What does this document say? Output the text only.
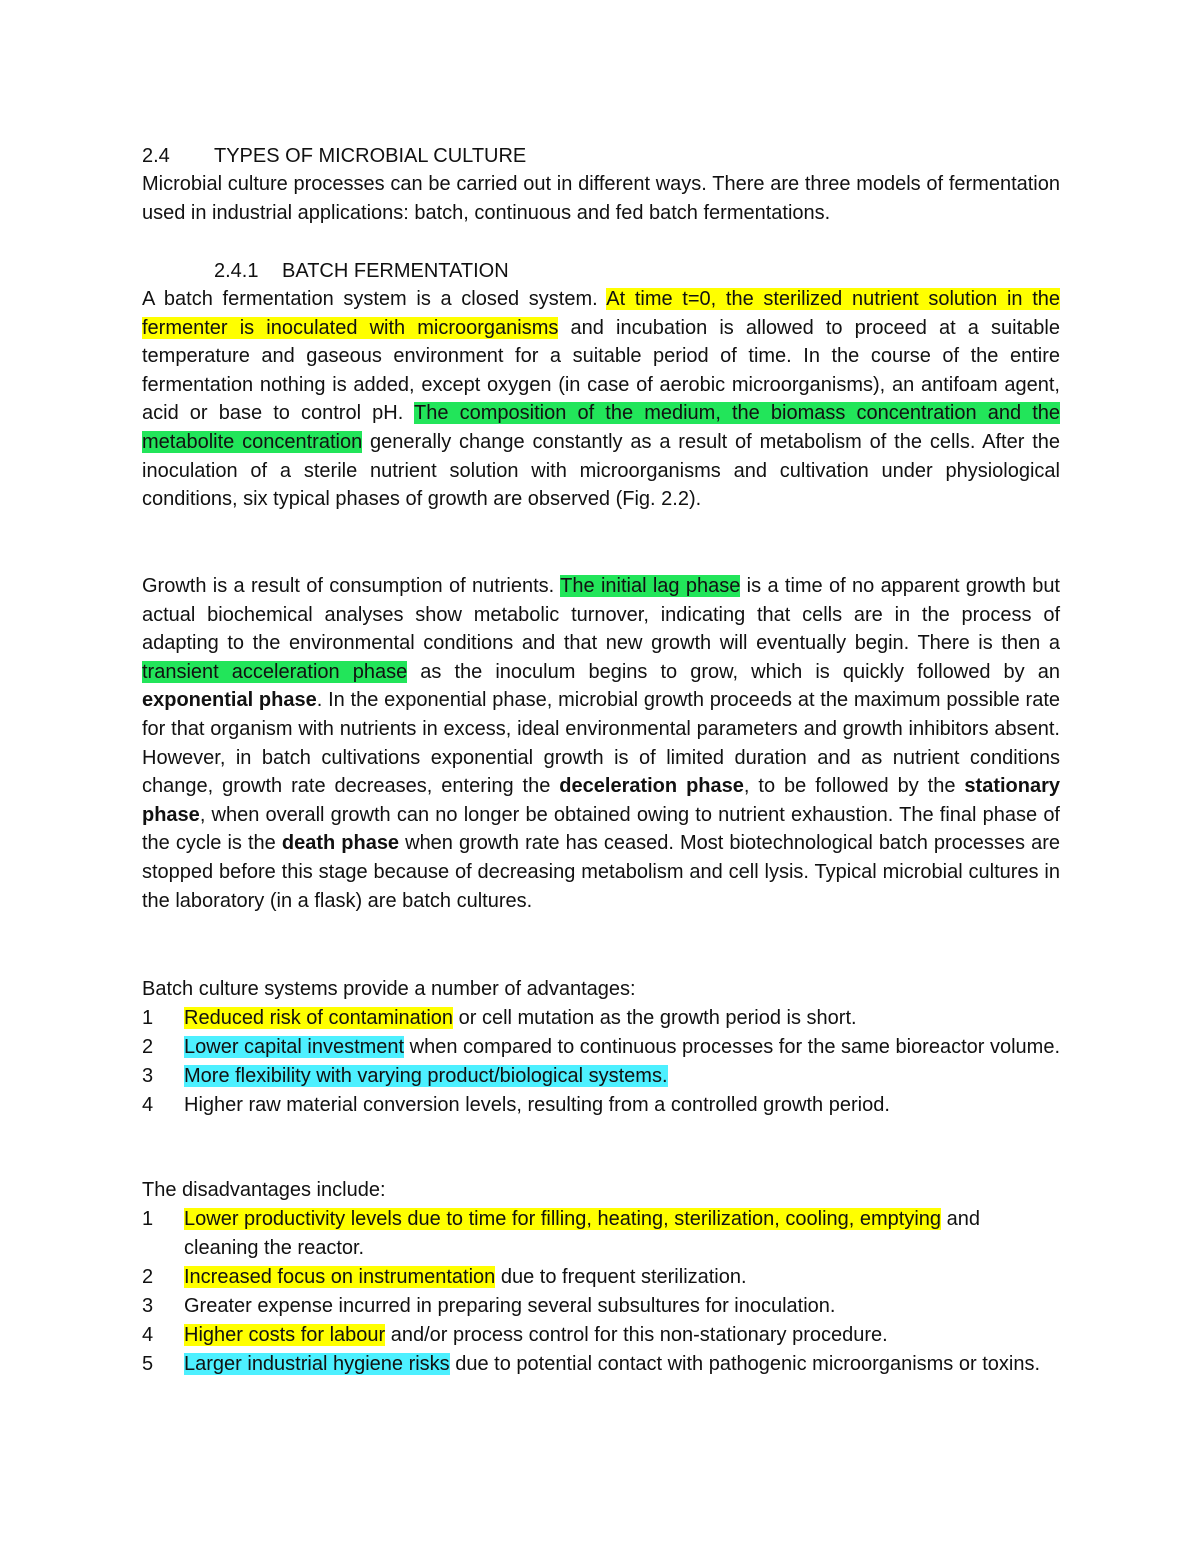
2.4 TYPES OF MICROBIAL CULTURE

Microbial culture processes can be carried out in different ways. There are three models of fermentation used in industrial applications: batch, continuous and fed batch fermentations.

2.4.1 BATCH FERMENTATION

A batch fermentation system is a closed system. At time t=0, the sterilized nutrient solution in the fermenter is inoculated with microorganisms and incubation is allowed to proceed at a suitable temperature and gaseous environment for a suitable period of time. In the course of the entire fermentation nothing is added, except oxygen (in case of aerobic microorganisms), an antifoam agent, acid or base to control pH. The composition of the medium, the biomass concentration and the metabolite concentration generally change constantly as a result of metabolism of the cells. After the inoculation of a sterile nutrient solution with microorganisms and cultivation under physiological conditions, six typical phases of growth are observed (Fig. 2.2).

Growth is a result of consumption of nutrients. The initial lag phase is a time of no apparent growth but actual biochemical analyses show metabolic turnover, indicating that cells are in the process of adapting to the environmental conditions and that new growth will eventually begin. There is then a transient acceleration phase as the inoculum begins to grow, which is quickly followed by an exponential phase. In the exponential phase, microbial growth proceeds at the maximum possible rate for that organism with nutrients in excess, ideal environmental parameters and growth inhibitors absent. However, in batch cultivations exponential growth is of limited duration and as nutrient conditions change, growth rate decreases, entering the deceleration phase, to be followed by the stationary phase, when overall growth can no longer be obtained owing to nutrient exhaustion. The final phase of the cycle is the death phase when growth rate has ceased. Most biotechnological batch processes are stopped before this stage because of decreasing metabolism and cell lysis. Typical microbial cultures in the laboratory (in a flask) are batch cultures.

Batch culture systems provide a number of advantages:

1 Reduced risk of contamination or cell mutation as the growth period is short.
2 Lower capital investment when compared to continuous processes for the same bioreactor volume.
3 More flexibility with varying product/biological systems.
4 Higher raw material conversion levels, resulting from a controlled growth period.

The disadvantages include:

1 Lower productivity levels due to time for filling, heating, sterilization, cooling, emptying and cleaning the reactor.
2 Increased focus on instrumentation due to frequent sterilization.
3 Greater expense incurred in preparing several subsultures for inoculation.
4 Higher costs for labour and/or process control for this non-stationary procedure.
5 Larger industrial hygiene risks due to potential contact with pathogenic microorganisms or toxins.
